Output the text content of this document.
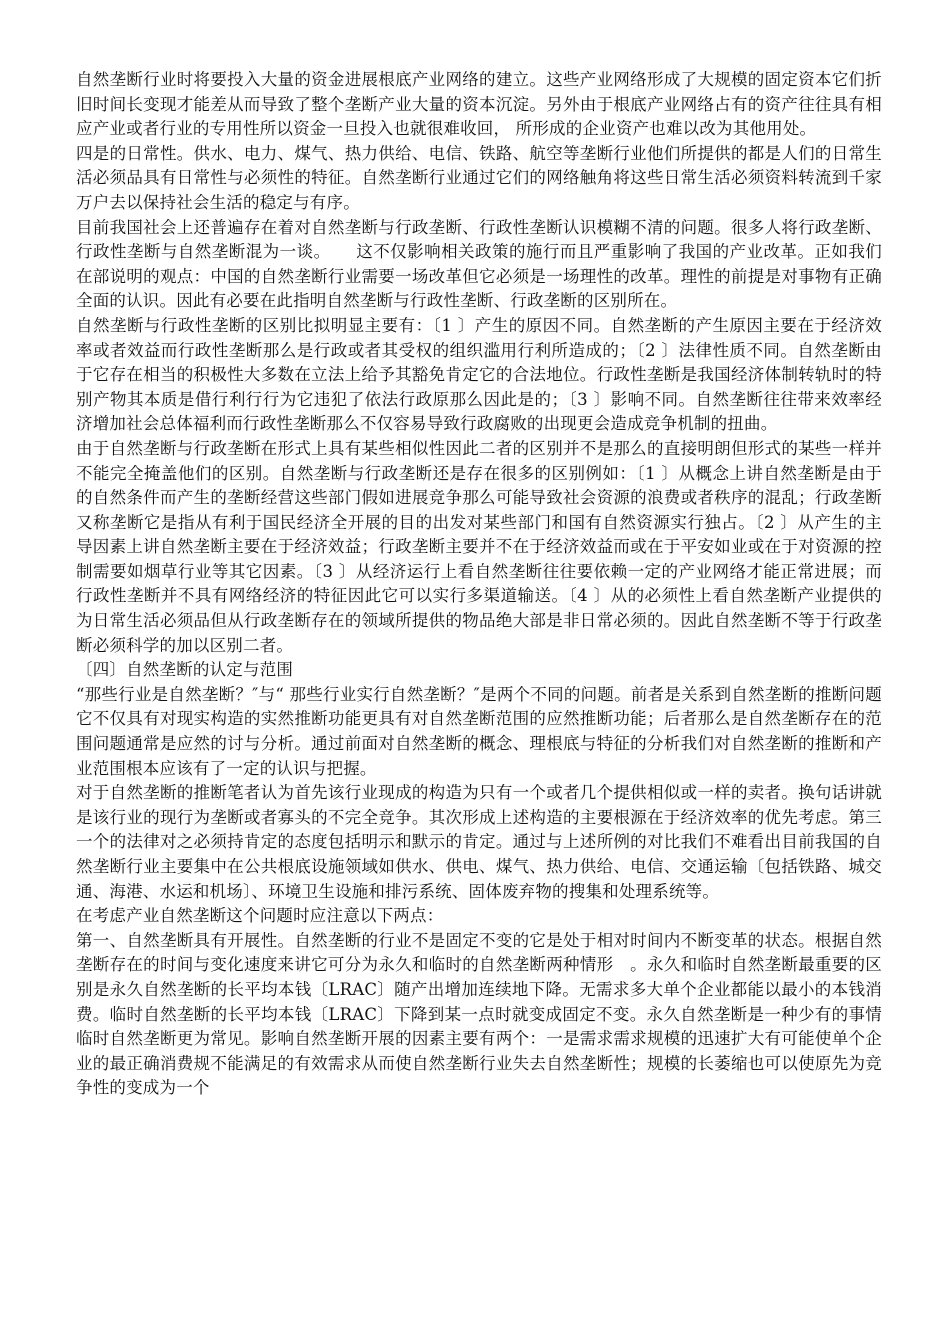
自然垄断行业时将要投入大量的资金进展根底产业网络的建立。这些产业网络形成了大规模的固定资本它们折旧时间长变现才能差从而导致了整个垄断产业大量的资本沉淀。另外由于根底产业网络占有的资产往往具有相应产业或者行业的专用性所以资金一旦投入也就很难收回， 所形成的企业资产也难以改为其他用处。

四是的日常性。供水、电力、煤气、热力供给、电信、铁路、航空等垄断行业他们所提供的都是人们的日常生活必须品具有日常性与必须性的特征。自然垄断行业通过它们的网络触角将这些日常生活必须资料转流到千家万户去以保持社会生活的稳定与有序。

目前我国社会上还普遍存在着对自然垄断与行政垄断、行政性垄断认识模糊不清的问题。很多人将行政垄断、行政性垄断与自然垄断混为一谈。　　这不仅影响相关政策的施行而且严重影响了我国的产业改革。正如我们在部说明的观点：中国的自然垄断行业需要一场改革但它必须是一场理性的改革。理性的前提是对事物有正确全面的认识。因此有必要在此指明自然垄断与行政性垄断、行政垄断的区别所在。

自然垄断与行政性垄断的区别比拟明显主要有：〔1 〕产生的原因不同。自然垄断的产生原因主要在于经济效率或者效益而行政性垄断那么是行政或者其受权的组织滥用行利所造成的；〔2 〕法律性质不同。自然垄断由于它存在相当的积极性大多数在立法上给予其豁免肯定它的合法地位。行政性垄断是我国经济体制转轨时的特别产物其本质是借行利行行为它违犯了依法行政原那么因此是的；〔3 〕影响不同。自然垄断往往带来效率经济增加社会总体福利而行政性垄断那么不仅容易导致行政腐败的出现更会造成竞争机制的扭曲。

由于自然垄断与行政垄断在形式上具有某些相似性因此二者的区别并不是那么的直接明朗但形式的某些一样并不能完全掩盖他们的区别。自然垄断与行政垄断还是存在很多的区别例如：〔1 〕从概念上讲自然垄断是由于的自然条件而产生的垄断经营这些部门假如进展竞争那么可能导致社会资源的浪费或者秩序的混乱；行政垄断又称垄断它是指从有利于国民经济全开展的目的出发对某些部门和国有自然资源实行独占。〔2 〕从产生的主导因素上讲自然垄断主要在于经济效益；行政垄断主要并不在于经济效益而或在于平安如业或在于对资源的控制需要如烟草行业等其它因素。〔3 〕从经济运行上看自然垄断往往要依赖一定的产业网络才能正常进展；而行政性垄断并不具有网络经济的特征因此它可以实行多渠道输送。〔4 〕从的必须性上看自然垄断产业提供的为日常生活必须品但从行政垄断存在的领域所提供的物品绝大部是非日常必须的。因此自然垄断不等于行政垄断必须科学的加以区别二者。

〔四〕自然垄断的认定与范围

“那些行业是自然垄断？″与“ 那些行业实行自然垄断？″是两个不同的问题。前者是关系到自然垄断的推断问题它不仅具有对现实构造的实然推断功能更具有对自然垄断范围的应然推断功能；后者那么是自然垄断存在的范围问题通常是应然的讨与分析。通过前面对自然垄断的概念、理根底与特征的分析我们对自然垄断的推断和产业范围根本应该有了一定的认识与把握。

对于自然垄断的推断笔者认为首先该行业现成的构造为只有一个或者几个提供相似或一样的卖者。换句话讲就是该行业的现行为垄断或者寡头的不完全竞争。其次形成上述构造的主要根源在于经济效率的优先考虑。第三一个的法律对之必须持肯定的态度包括明示和默示的肯定。通过与上述所例的对比我们不难看出目前我国的自然垄断行业主要集中在公共根底设施领域如供水、供电、煤气、热力供给、电信、交通运输〔包括铁路、城交通、海港、水运和机场〕、环境卫生设施和排污系统、固体废弃物的搜集和处理系统等。

在考虑产业自然垄断这个问题时应注意以下两点：

第一、自然垄断具有开展性。自然垄断的行业不是固定不变的它是处于相对时间内不断变革的状态。根据自然垄断存在的时间与变化速度来讲它可分为永久和临时的自然垄断两种情形　。永久和临时自然垄断最重要的区别是永久自然垄断的长平均本钱〔LRAC〕随产出增加连续地下降。无需求多大单个企业都能以最小的本钱消费。临时自然垄断的长平均本钱〔LRAC〕下降到某一点时就变成固定不变。永久自然垄断是一种少有的事情临时自然垄断更为常见。影响自然垄断开展的因素主要有两个：一是需求需求规模的迅速扩大有可能使单个企业的最正确消费规不能满足的有效需求从而使自然垄断行业失去自然垄断性；规模的长萎缩也可以使原先为竞争性的变成为一个
